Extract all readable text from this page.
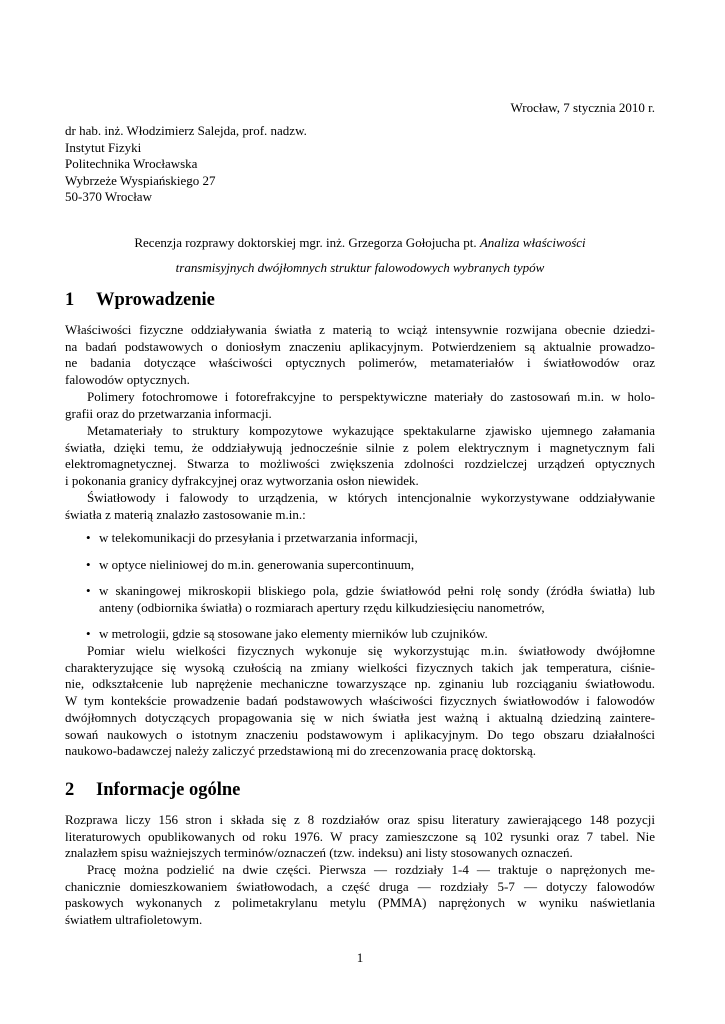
Wrocław, 7 stycznia 2010 r.
dr hab. inż. Włodzimierz Salejda, prof. nadzw.
Instytut Fizyki
Politechnika Wrocławska
Wybrzeże Wyspiańskiego 27
50-370 Wrocław
Recenzja rozprawy doktorskiej mgr. inż. Grzegorza Gołojucha pt. Analiza właściwości
transmisyjnych dwójłomnych struktur falowodowych wybranych typów
1 Wprowadzenie

Właściwości fizyczne oddziaływania światła z materią to wciąż intensywnie rozwijana obecnie dziedzi-
na badań podstawowych o doniosłym znaczeniu aplikacyjnym. Potwierdzeniem są aktualnie prowadzo-
ne badania dotyczące właściwości optycznych polimerów, metamateriałów i światłowodów oraz
falowodów optycznych.

Polimery fotochromowe i fotorefrakcyjne to perspektywiczne materiały do zastosowań m.in. w holo-
grafii oraz do przetwarzania informacji.

Metamateriały to struktury kompozytowe wykazujące spektakularne zjawisko ujemnego załamania
światła, dzięki temu, że oddziaływują jednocześnie silnie z polem elektrycznym i magnetycznym fali
elektromagnetycznej. Stwarza to możliwości zwiększenia zdolności rozdzielczej urządzeń optycznych
i pokonania granicy dyfrakcyjnej oraz wytworzania osłon niewidek.

Światłowody i falowody to urządzenia, w których intencjonalnie wykorzystywane oddziaływanie
światła z materią znalazło zastosowanie m.in.:

• w telekomunikacji do przesyłania i przetwarzania informacji,
• w optyce nieliniowej do m.in. generowania supercontinuum,
• w skaningowej mikroskopii bliskiego pola, gdzie światłowód pełni rolę sondy (źródła światła) lub
anteny (odbiornika światła) o rozmiarach apertury rzędu kilkudziesięciu nanometrów,
• w metrologii, gdzie są stosowane jako elementy mierników lub czujników.

Pomiar wielu wielkości fizycznych wykonuje się wykorzystując m.in. światłowody dwójłomne
charakteryzujące się wysoką czułością na zmiany wielkości fizycznych takich jak temperatura, ciśnie-
nie, odkształcenie lub naprężenie mechaniczne towarzyszące np. zginaniu lub rozciąganiu światłowodu.
W tym kontekście prowadzenie badań podstawowych właściwości fizycznych światłowodów i falowodów
dwójłomnych dotyczących propagowania się w nich światła jest ważną i aktualną dziedziną zaintere-
sowań naukowych o istotnym znaczeniu podstawowym i aplikacyjnym. Do tego obszaru działalności
naukowo-badawczej należy zaliczyć przedstawioną mi do zrecenzowania pracę doktorską.

2 Informacje ogólne

Rozprawa liczy 156 stron i składa się z 8 rozdziałów oraz spisu literatury zawierającego 148 pozycji
literaturowych opublikowanych od roku 1976. W pracy zamieszczone są 102 rysunki oraz 7 tabel. Nie
znalazłem spisu ważniejszych terminów/oznaczeń (tzw. indeksu) ani listy stosowanych oznaczeń.

Pracę można podzielić na dwie części. Pierwsza — rozdziały 1-4 — traktuje o naprężonych me-
chanicznie domieszkowaniem światłowodach, a część druga — rozdziały 5-7 — dotyczy falowodów
paskowych wykonanych z polimetakrylanu metylu (PMMA) naprężonych w wyniku naświetlania
światłem ultrafioletowym.

1
